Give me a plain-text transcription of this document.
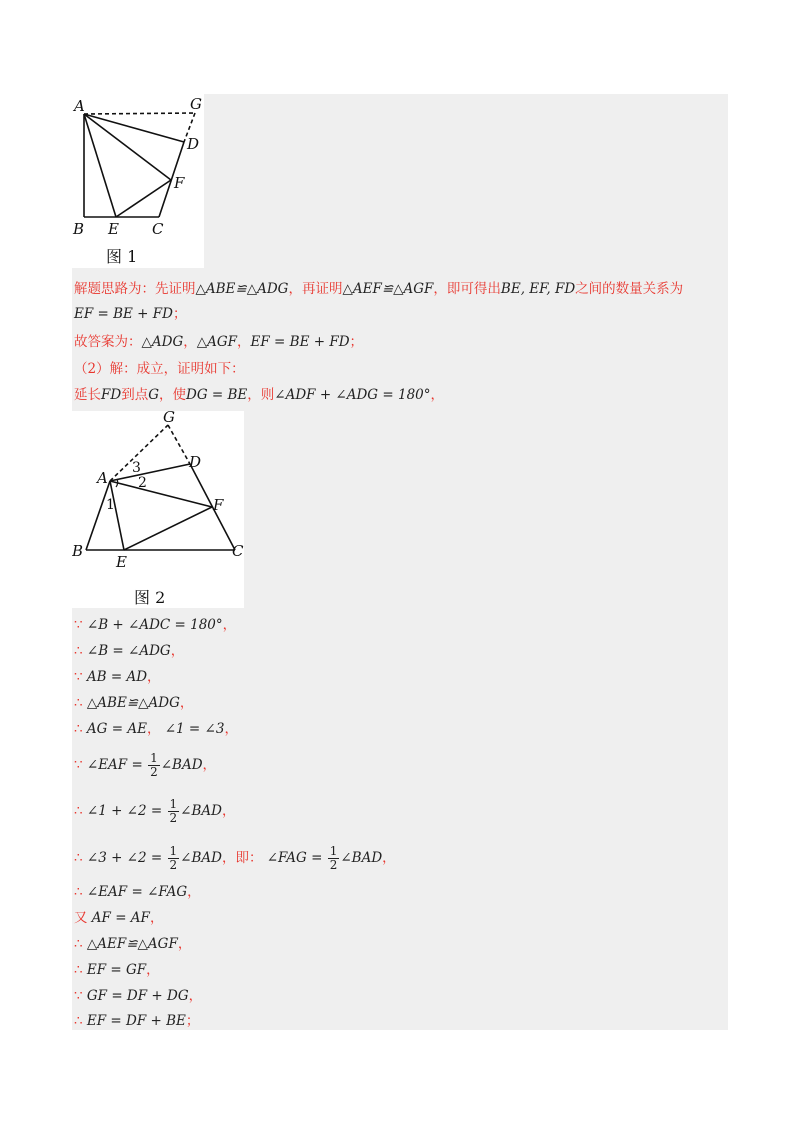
A	G
D
F
B E C
图 1
解题思路为：先证明△ABE≌△ADG，再证明△AEF≌△AGF，即可得出BE, EF, FD之间的数量关系为
EF = BE + FD；
故答案为：△ADG，△AGF，EF = BE + FD；
（2）解：成立，证明如下：
延长FD到点G，使DG = BE，则∠ADF + ∠ADG = 180°，
G
D
A
F
B
E
C
1
2
3
图 2
∵ ∠B + ∠ADC = 180°，
∴ ∠B = ∠ADG，
∵ AB = AD，
∴ △ABE≌△ADG，
∴ AG = AE， ∠1 = ∠3，
∵ ∠EAF = $\frac{1}{2}$ ∠BAD，
∴ ∠1 + ∠2 = $\frac{1}{2}$ ∠BAD，
∴ ∠3 + ∠2 = $\frac{1}{2}$ ∠BAD，即： ∠FAG = $\frac{1}{2}$ ∠BAD，
∴ ∠EAF = ∠FAG，
又 AF = AF，
∴ △AEF≌△AGF，
∴ EF = GF，
∵ GF = DF + DG，
∴ EF = DF + BE；
